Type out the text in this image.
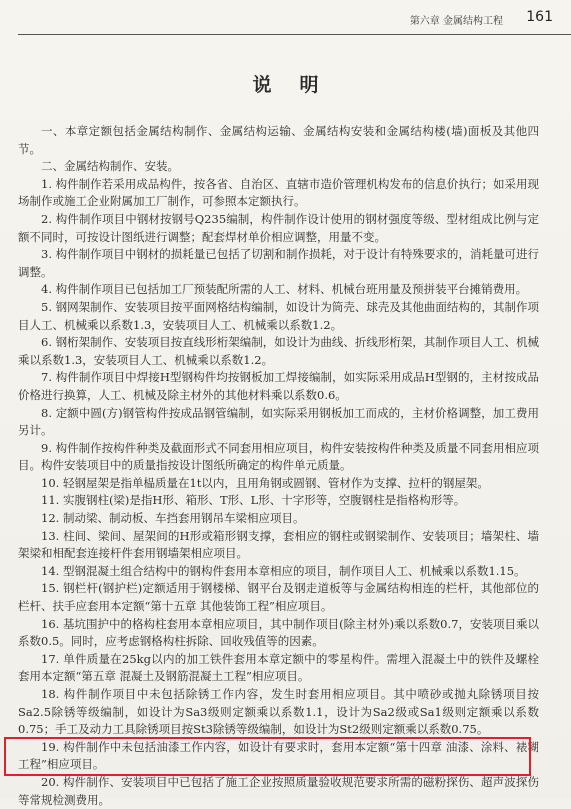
第六章 金属结构工程 161
说明

一、本章定额包括金属结构制作、金属结构运输、金属结构安装和金属结构楼(墙)面板及其他四节。

二、金属结构制作、安装。

1. 构件制作若采用成品构件，按各省、自治区、直辖市造价管理机构发布的信息价执行；如采用现场制作或施工企业附属加工厂制作，可参照本定额执行。

2. 构件制作项目中钢材按钢号Q235编制，构件制作设计使用的钢材强度等级、型材组成比例与定额不同时，可按设计图纸进行调整；配套焊材单价相应调整，用量不变。

3. 构件制作项目中钢材的损耗量已包括了切割和制作损耗，对于设计有特殊要求的，消耗量可进行调整。

4. 构件制作项目已包括加工厂预装配所需的人工、材料、机械台班用量及预拼装平台摊销费用。

5. 钢网架制作、安装项目按平面网格结构编制，如设计为筒壳、球壳及其他曲面结构的，其制作项目人工、机械乘以系数1.3，安装项目人工、机械乘以系数1.2。

6. 钢桁架制作、安装项目按直线形桁架编制，如设计为曲线、折线形桁架，其制作项目人工、机械乘以系数1.3，安装项目人工、机械乘以系数1.2。

7. 构件制作项目中焊接H型钢构件均按钢板加工焊接编制，如实际采用成品H型钢的，主材按成品价格进行换算，人工、机械及除主材外的其他材料乘以系数0.6。

8. 定额中圆(方)钢管构件按成品钢管编制，如实际采用钢板加工而成的，主材价格调整，加工费用另计。

9. 构件制作按构件种类及截面形式不同套用相应项目，构件安装按构件种类及质量不同套用相应项目。构件安装项目中的质量指按设计图纸所确定的构件单元质量。

10. 轻钢屋架是指单榀质量在1t以内，且用角钢或圆钢、管材作为支撑、拉杆的钢屋架。

11. 实腹钢柱(梁)是指H形、箱形、T形、L形、十字形等，空腹钢柱是指格构形等。

12. 制动梁、制动板、车挡套用钢吊车梁相应项目。

13. 柱间、梁间、屋架间的H形或箱形钢支撑，套相应的钢柱或钢梁制作、安装项目；墙架柱、墙架梁和相配套连接杆件套用钢墙架相应项目。

14. 型钢混凝土组合结构中的钢构件套用本章相应的项目，制作项目人工、机械乘以系数1.15。

15. 钢栏杆(钢护栏)定额适用于钢楼梯、钢平台及钢走道板等与金属结构相连的栏杆，其他部位的栏杆、扶手应套用本定额“第十五章 其他装饰工程”相应项目。

16. 基坑围护中的格构柱套用本章相应项目，其中制作项目(除主材外)乘以系数0.7，安装项目乘以系数0.5。同时，应考虑钢格构柱拆除、回收残值等的因素。

17. 单件质量在25kg以内的加工铁件套用本章定额中的零星构件。需埋入混凝土中的铁件及螺栓套用本定额“第五章 混凝土及钢筋混凝土工程”相应项目。

18. 构件制作项目中未包括除锈工作内容，发生时套用相应项目。其中喷砂或抛丸除锈项目按Sa2.5除锈等级编制，如设计为Sa3级则定额乘以系数1.1，设计为Sa2级或Sa1级则定额乘以系数0.75；手工及动力工具除锈项目按St3除锈等级编制，如设计为St2级则定额乘以系数0.75。

19. 构件制作中未包括油漆工作内容，如设计有要求时，套用本定额“第十四章 油漆、涂料、裱糊工程”相应项目。

20. 构件制作、安装项目中已包括了施工企业按照质量验收规范要求所需的磁粉探伤、超声波探伤等常规检测费用。
